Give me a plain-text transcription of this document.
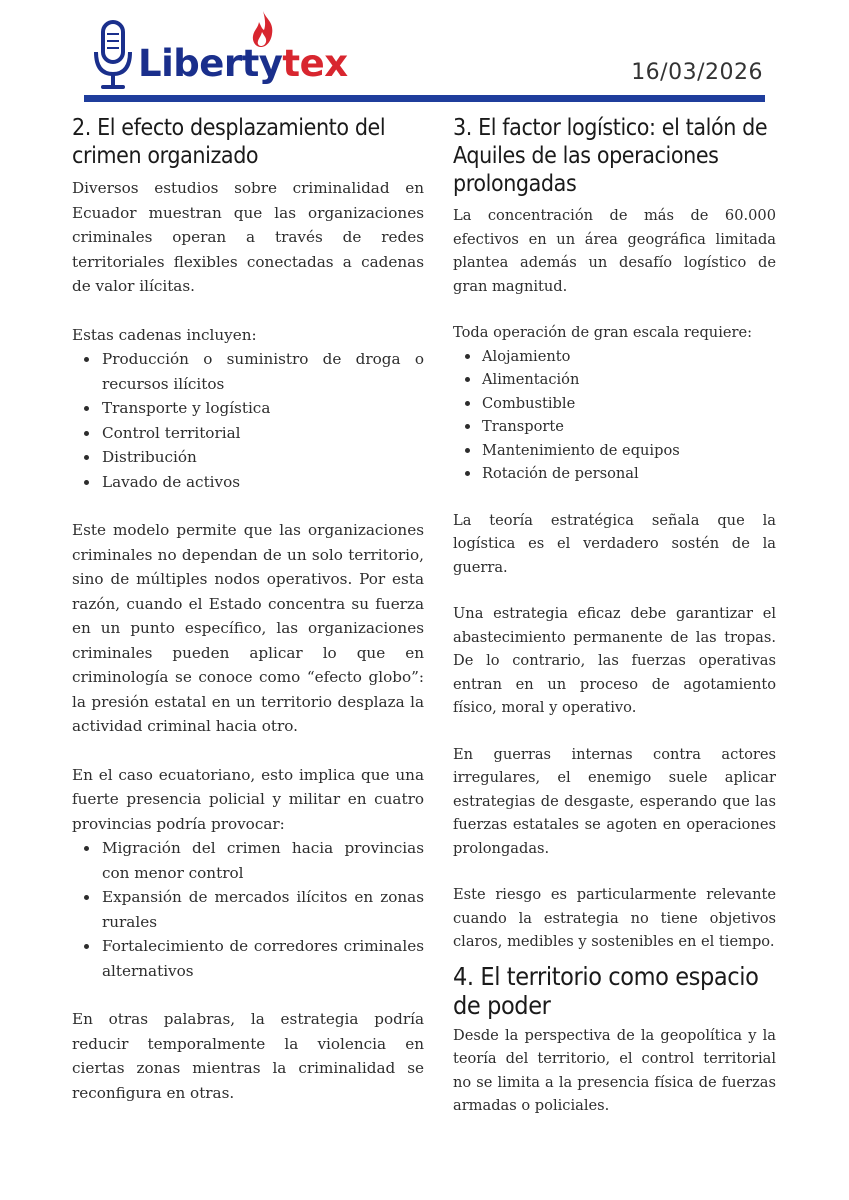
Libertytex	16/03/2026
2. El efecto desplazamiento del crimen organizado

Diversos estudios sobre criminalidad en Ecuador muestran que las organizaciones criminales operan a través de redes territoriales flexibles conectadas a cadenas de valor ilícitas.

Estas cadenas incluyen:

Producción o suministro de droga o recursos ilícitos
Transporte y logística
Control territorial
Distribución
Lavado de activos

Este modelo permite que las organizaciones criminales no dependan de un solo territorio, sino de múltiples nodos operativos. Por esta razón, cuando el Estado concentra su fuerza en un punto específico, las organizaciones criminales pueden aplicar lo que en criminología se conoce como “efecto globo”: la presión estatal en un territorio desplaza la actividad criminal hacia otro.

En el caso ecuatoriano, esto implica que una fuerte presencia policial y militar en cuatro provincias podría provocar:

Migración del crimen hacia provincias con menor control
Expansión de mercados ilícitos en zonas rurales
Fortalecimiento de corredores criminales alternativos

En otras palabras, la estrategia podría reducir temporalmente la violencia en ciertas zonas mientras la criminalidad se reconfigura en otras.

3. El factor logístico: el talón de Aquiles de las operaciones prolongadas

La concentración de más de 60.000 efectivos en un área geográfica limitada plantea además un desafío logístico de gran magnitud.

Toda operación de gran escala requiere:

Alojamiento
Alimentación
Combustible
Transporte
Mantenimiento de equipos
Rotación de personal

La teoría estratégica señala que la logística es el verdadero sostén de la guerra.

Una estrategia eficaz debe garantizar el abastecimiento permanente de las tropas. De lo contrario, las fuerzas operativas entran en un proceso de agotamiento físico, moral y operativo.

En guerras internas contra actores irregulares, el enemigo suele aplicar estrategias de desgaste, esperando que las fuerzas estatales se agoten en operaciones prolongadas.

Este riesgo es particularmente relevante cuando la estrategia no tiene objetivos claros, medibles y sostenibles en el tiempo.

4. El territorio como espacio de poder

Desde la perspectiva de la geopolítica y la teoría del territorio, el control territorial no se limita a la presencia física de fuerzas armadas o policiales.
